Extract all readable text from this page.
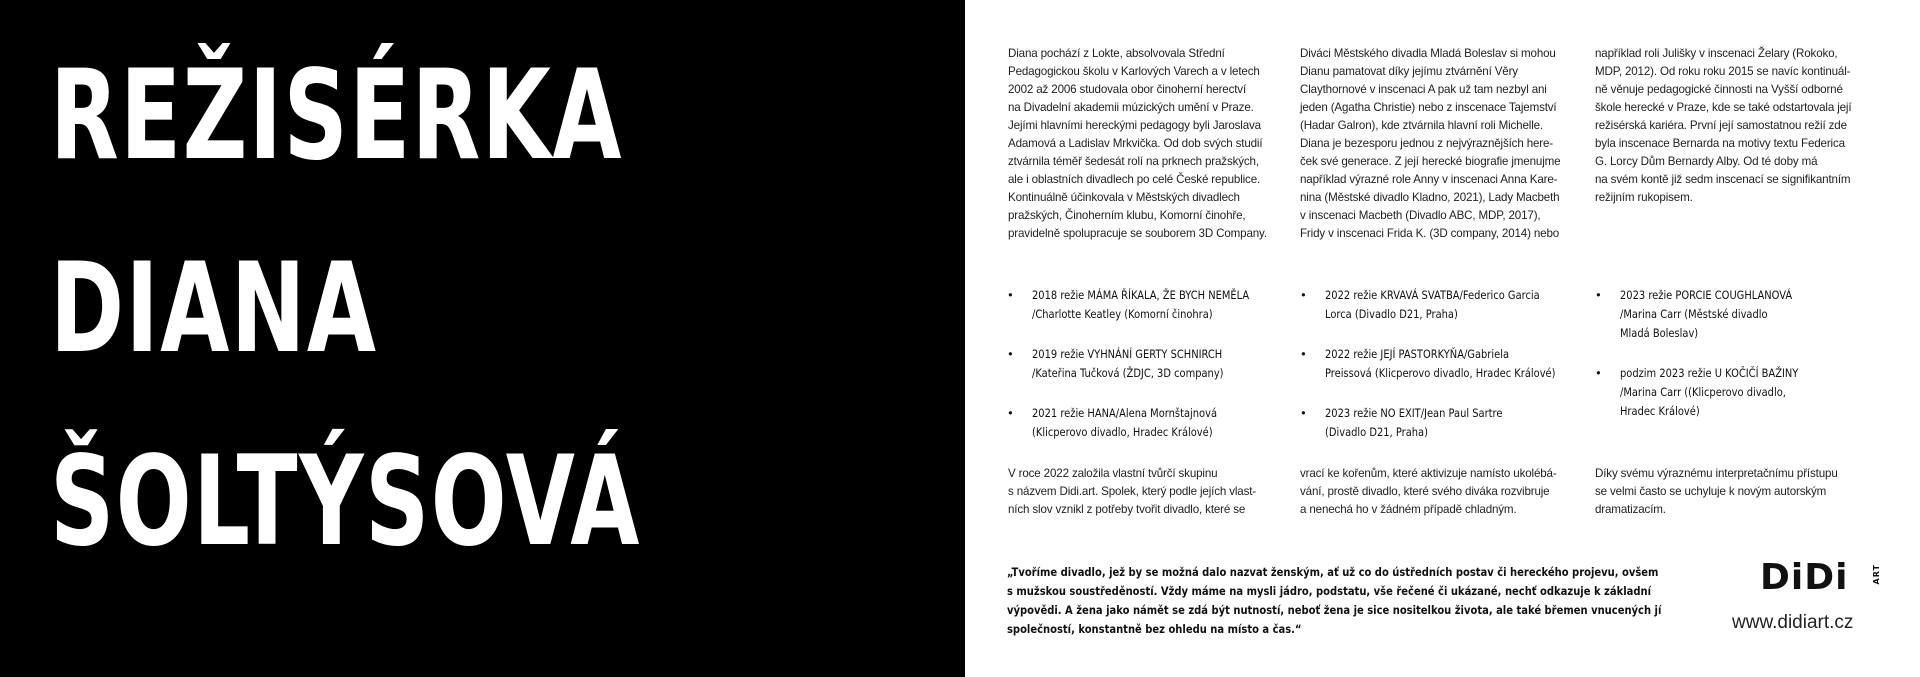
REŽISÉRKA
DIANA
ŠOLTÝSOVÁ

Diana pochází z Lokte, absolvovala Střední

Pedagogickou školu v Karlových Varech a v letech

2002 až 2006 studovala obor činoherní herectví

na Divadelní akademii múzických umění v Praze.

Jejími hlavními hereckými pedagogy byli Jaroslava

Adamová a Ladislav Mrkvička. Od dob svých studií

ztvárnila téměř šedesát rolí na prknech pražských,

ale i oblastních divadlech po celé České republice.

Kontinuálně účinkovala v Městských divadlech

pražských, Činoherním klubu, Komorní činohře,

pravidelně spolupracuje se souborem 3D Company.

Diváci Městského divadla Mladá Boleslav si mohou

Dianu pamatovat díky jejímu ztvárnění Věry

Claythornové v inscenaci A pak už tam nezbyl ani

jeden (Agatha Christie) nebo z inscenace Tajemství

(Hadar Galron), kde ztvárnila hlavní roli Michelle.

Diana je bezesporu jednou z nejvýraznějších here-

ček své generace. Z její herecké biografie jmenujme

například výrazné role Anny v inscenaci Anna Kare-

nina (Městské divadlo Kladno, 2021), Lady Macbeth

v inscenaci Macbeth (Divadlo ABC, MDP, 2017),

Fridy v inscenaci Frida K. (3D company, 2014) nebo

například roli Julišky v inscenaci Želary (Rokoko,

MDP, 2012). Od roku roku 2015 se navíc kontinuál-

ně věnuje pedagogické činnosti na Vyšší odborné

škole herecké v Praze, kde se také odstartovala její

režisérská kariéra. První její samostatnou režií zde

byla inscenace Bernarda na motivy textu Federica

G. Lorcy Dům Bernardy Alby. Od té doby má

na svém kontě již sedm inscenací se signifikantním

režijním rukopisem.

• 2018 režie MÁMA ŘÍKALA, ŽE BYCH NEMĚLA
/Charlotte Keatley (Komorní činohra)
• 2019 režie VYHNÁNÍ GERTY SCHNIRCH
/Kateřina Tučková (ŽDJC, 3D company)
• 2021 režie HANA/Alena Mornštajnová
(Klicperovo divadlo, Hradec Králové)
• 2022 režie KRVAVÁ SVATBA/Federico Garcia
Lorca (Divadlo D21, Praha)
• 2022 režie JEJÍ PASTORKYŇA/Gabriela
Preissová (Klicperovo divadlo, Hradec Králové)
• 2023 režie NO EXIT/Jean Paul Sartre
(Divadlo D21, Praha)
• 2023 režie PORCIE COUGHLANOVÁ
/Marina Carr (Městské divadlo
Mladá Boleslav)
• podzim 2023 režie U KOČIČÍ BAŽINY
/Marina Carr ((Klicperovo divadlo,
Hradec Králové)

V roce 2022 založila vlastní tvůrčí skupinu

s názvem Didi.art. Spolek, který podle jejích vlast-

ních slov vznikl z potřeby tvořit divadlo, které se

vrací ke kořenům, které aktivizuje namísto ukolébá-

vání, prostě divadlo, které svého diváka rozvibruje

a nenechá ho v žádném případě chladným.

Díky svému výraznému interpretačnímu přístupu

se velmi často se uchyluje k novým autorským

dramatizacím.

„Tvoříme divadlo, jež by se možná dalo nazvat ženským, ať už co do ústředních postav či hereckého projevu, ovšem
s mužskou soustředěností. Vždy máme na mysli jádro, podstatu, vše řečené či ukázané, nechť odkazuje k základní
výpovědi. A žena jako námět se zdá být nutností, neboť žena je sice nositelkou života, ale také břemen vnucených jí
společností, konstantně bez ohledu na místo a čas.“
DiDi	ART
www.didiart.cz
